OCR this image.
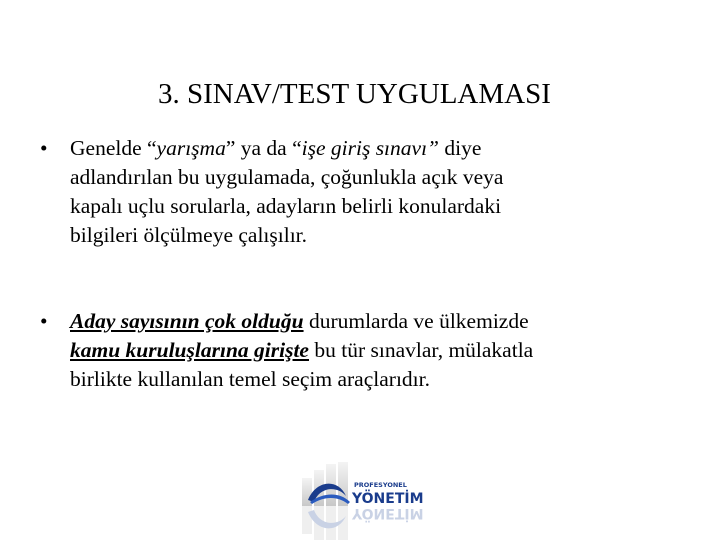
3. SINAV/TEST UYGULAMASI
•	Genelde “yarışma” ya da “işe giriş sınavı” diye
adlandırılan bu uygulamada, çoğunlukla açık veya
kapalı uçlu sorularla, adayların belirli konulardaki
bilgileri ölçülmeye çalışılır.
•	Aday sayısının çok olduğu durumlarda ve ülkemizde
kamu kuruluşlarına girişte bu tür sınavlar, mülakatla
birlikte kullanılan temel seçim araçlarıdır.
PROFESYONEL
YÖNETİM
YÖNETİM
